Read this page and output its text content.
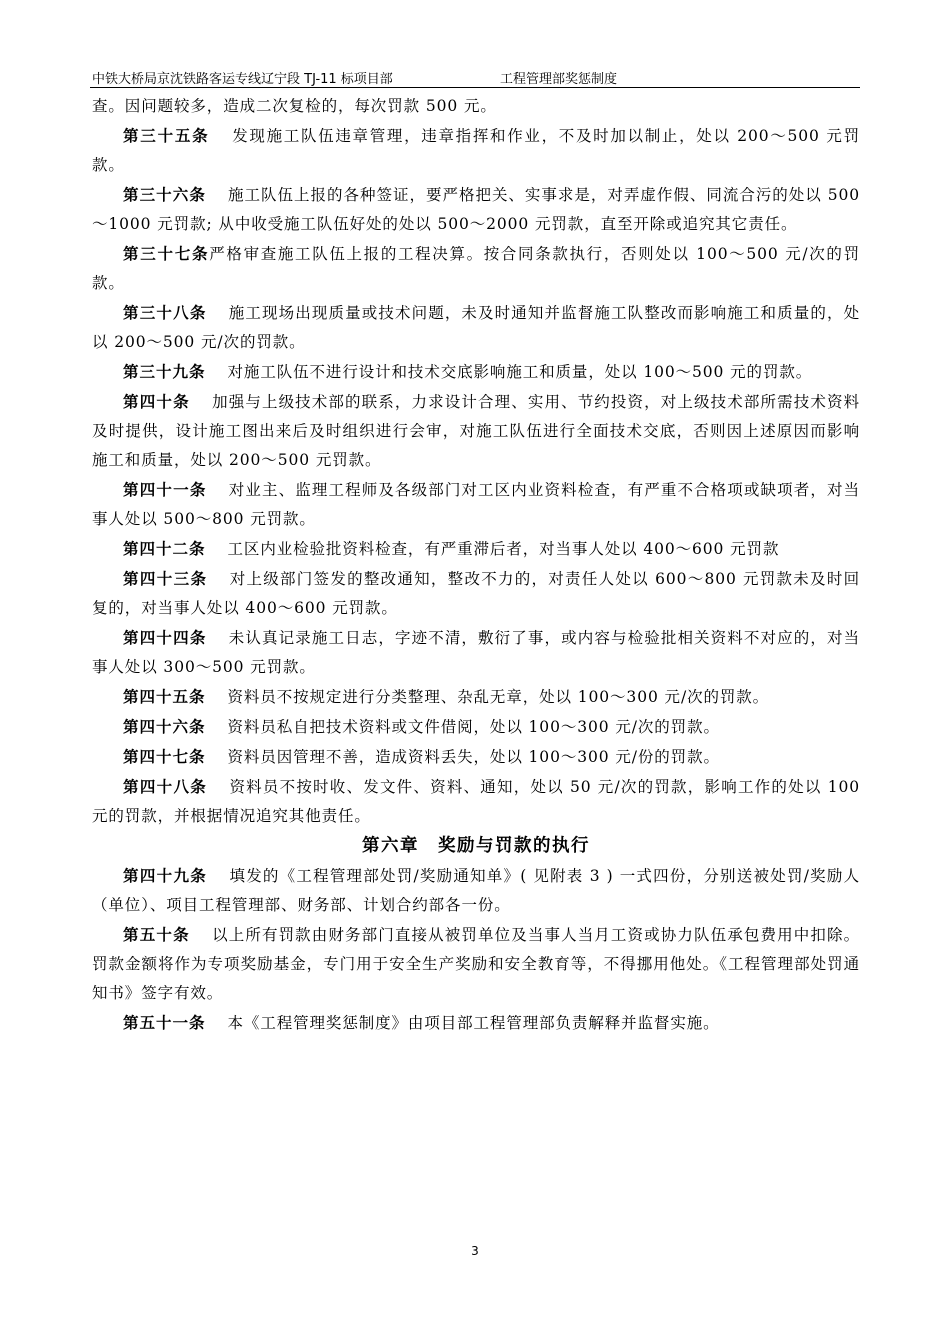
中铁大桥局京沈铁路客运专线辽宁段 TJ-11 标项目部	工程管理部奖惩制度

查。因问题较多，造成二次复检的，每次罚款 500 元。

第三十五条 发现施工队伍违章管理，违章指挥和作业，不及时加以制止，处以 200～500 元罚款。

第三十六条 施工队伍上报的各种签证，要严格把关、实事求是，对弄虚作假、同流合污的处以 500～1000 元罚款; 从中收受施工队伍好处的处以 500～2000 元罚款，直至开除或追究其它责任。

第三十七条严格审查施工队伍上报的工程决算。按合同条款执行，否则处以 100～500 元/次的罚款。

第三十八条 施工现场出现质量或技术问题，未及时通知并监督施工队整改而影响施工和质量的，处以 200～500 元/次的罚款。

第三十九条 对施工队伍不进行设计和技术交底影响施工和质量，处以 100～500 元的罚款。

第四十条 加强与上级技术部的联系，力求设计合理、实用、节约投资，对上级技术部所需技术资料及时提供，设计施工图出来后及时组织进行会审，对施工队伍进行全面技术交底，否则因上述原因而影响施工和质量，处以 200～500 元罚款。

第四十一条 对业主、监理工程师及各级部门对工区内业资料检查，有严重不合格项或缺项者，对当事人处以 500～800 元罚款。

第四十二条 工区内业检验批资料检查，有严重滞后者，对当事人处以 400～600 元罚款

第四十三条 对上级部门签发的整改通知，整改不力的，对责任人处以 600～800 元罚款未及时回复的，对当事人处以 400～600 元罚款。

第四十四条 未认真记录施工日志，字迹不清，敷衍了事，或内容与检验批相关资料不对应的，对当事人处以 300～500 元罚款。

第四十五条 资料员不按规定进行分类整理、杂乱无章，处以 100～300 元/次的罚款。

第四十六条 资料员私自把技术资料或文件借阅，处以 100～300 元/次的罚款。

第四十七条 资料员因管理不善，造成资料丢失，处以 100～300 元/份的罚款。

第四十八条 资料员不按时收、发文件、资料、通知，处以 50 元/次的罚款，影响工作的处以 100 元的罚款，并根据情况追究其他责任。

第六章　奖励与罚款的执行

第四十九条 填发的《工程管理部处罚/奖励通知单》( 见附表 3 ) 一式四份，分别送被处罚/奖励人（单位）、项目工程管理部、财务部、计划合约部各一份。

第五十条 以上所有罚款由财务部门直接从被罚单位及当事人当月工资或协力队伍承包费用中扣除。罚款金额将作为专项奖励基金，专门用于安全生产奖励和安全教育等，不得挪用他处。《工程管理部处罚通知书》签字有效。

第五十一条 本《工程管理奖惩制度》由项目部工程管理部负责解释并监督实施。

3
